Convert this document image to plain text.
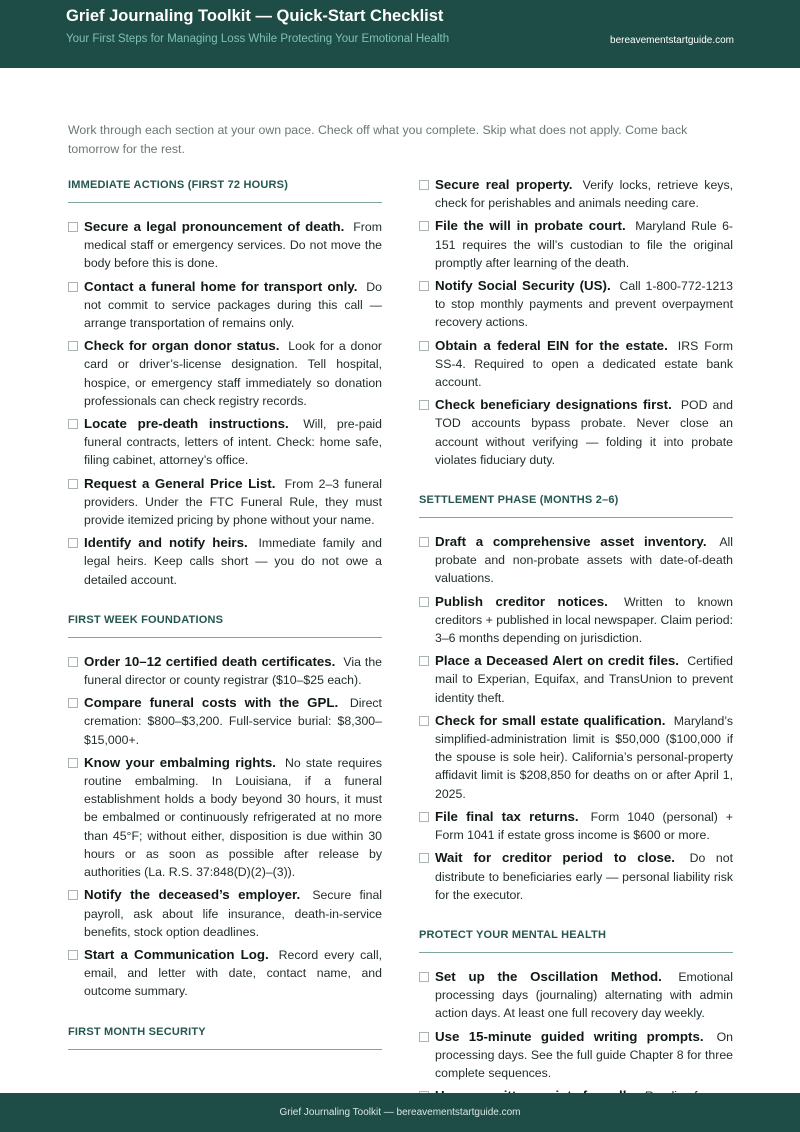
Grief Journaling Toolkit — Quick-Start Checklist
Your First Steps for Managing Loss While Protecting Your Emotional Health	bereavementstartguide.com
Work through each section at your own pace. Check off what you complete. Skip what does not apply. Come back tomorrow for the rest.
IMMEDIATE ACTIONS (FIRST 72 HOURS)
Secure a legal pronouncement of death. From medical staff or emergency services. Do not move the body before this is done.
Contact a funeral home for transport only. Do not commit to service packages during this call — arrange transportation of remains only.
Check for organ donor status. Look for a donor card or driver’s-license designation. Tell hospital, hospice, or emergency staff immediately so donation professionals can check registry records.
Locate pre-death instructions. Will, pre-paid funeral contracts, letters of intent. Check: home safe, filing cabinet, attorney’s office.
Request a General Price List. From 2–3 funeral providers. Under the FTC Funeral Rule, they must provide itemized pricing by phone without your name.
Identify and notify heirs. Immediate family and legal heirs. Keep calls short — you do not owe a detailed account.
FIRST WEEK FOUNDATIONS
Order 10–12 certified death certificates. Via the funeral director or county registrar ($10–$25 each).
Compare funeral costs with the GPL. Direct cremation: $800–$3,200. Full-service burial: $8,300–$15,000+.
Know your embalming rights. No state requires routine embalming. In Louisiana, if a funeral establishment holds a body beyond 30 hours, it must be embalmed or continuously refrigerated at no more than 45°F; without either, disposition is due within 30 hours or as soon as possible after release by authorities (La. R.S. 37:848(D)(2)–(3)).
Notify the deceased’s employer. Secure final payroll, ask about life insurance, death-in-service benefits, stock option deadlines.
Start a Communication Log. Record every call, email, and letter with date, contact name, and outcome summary.
FIRST MONTH SECURITY
Secure real property. Verify locks, retrieve keys, check for perishables and animals needing care.
File the will in probate court. Maryland Rule 6-151 requires the will’s custodian to file the original promptly after learning of the death.
Notify Social Security (US). Call 1-800-772-1213 to stop monthly payments and prevent overpayment recovery actions.
Obtain a federal EIN for the estate. IRS Form SS-4. Required to open a dedicated estate bank account.
Check beneficiary designations first. POD and TOD accounts bypass probate. Never close an account without verifying — folding it into probate violates fiduciary duty.
SETTLEMENT PHASE (MONTHS 2–6)
Draft a comprehensive asset inventory. All probate and non-probate assets with date-of-death valuations.
Publish creditor notices. Written to known creditors + published in local newspaper. Claim period: 3–6 months depending on jurisdiction.
Place a Deceased Alert on credit files. Certified mail to Experian, Equifax, and TransUnion to prevent identity theft.
Check for small estate qualification. Maryland’s simplified-administration limit is $50,000 ($100,000 if the spouse is sole heir). California’s personal-property affidavit limit is $208,850 for deaths on or after April 1, 2025.
File final tax returns. Form 1040 (personal) + Form 1041 if estate gross income is $600 or more.
Wait for creditor period to close. Do not distribute to beneficiaries early — personal liability risk for the executor.
PROTECT YOUR MENTAL HEALTH
Set up the Oscillation Method. Emotional processing days (journaling) alternating with admin action days. At least one full recovery day weekly.
Use 15-minute guided writing prompts. On processing days. See the full guide Chapter 8 for three complete sequences.
Grief Journaling Toolkit — bereavementstartguide.com
